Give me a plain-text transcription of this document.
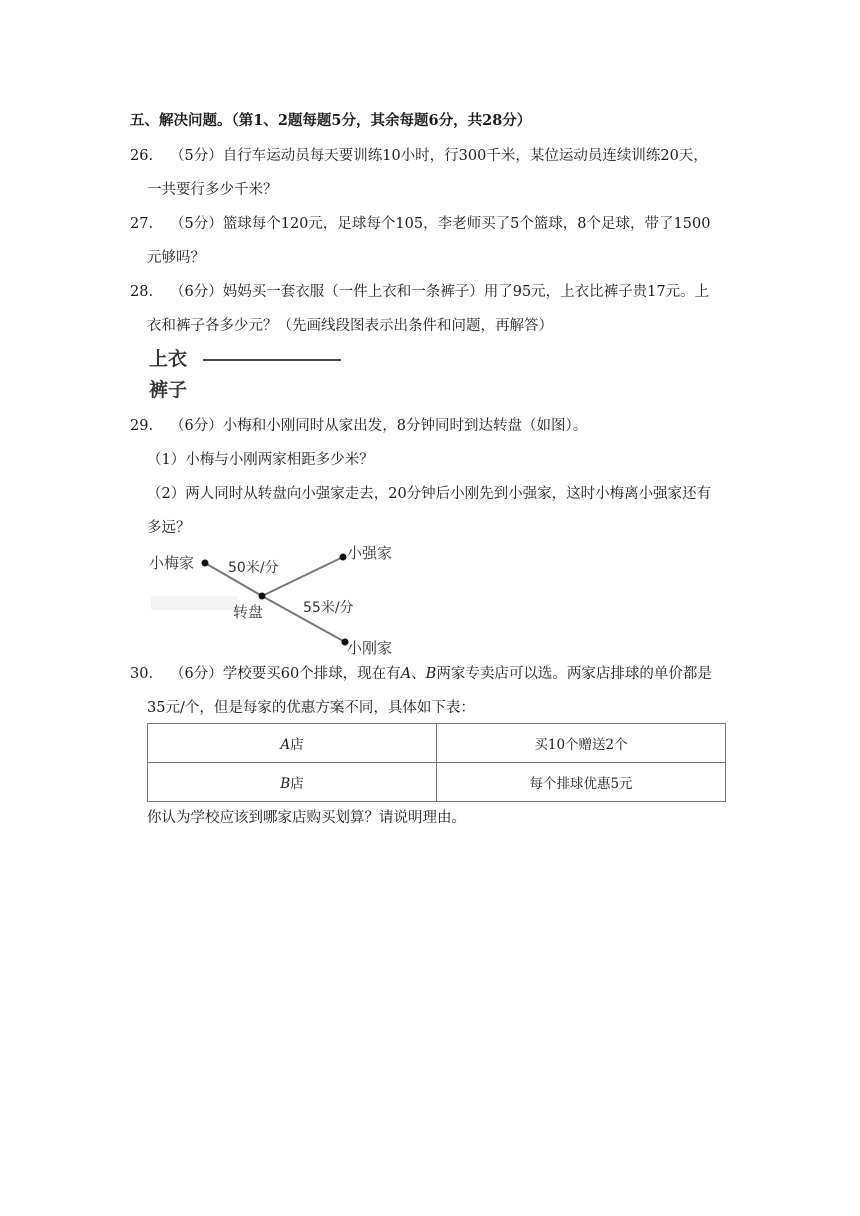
五、解决问题。（第1、2题每题5分，其余每题6分，共28分）
26. （5分）自行车运动员每天要训练10小时，行300千米，某位运动员连续训练20天，
一共要行多少千米？
27. （5分）篮球每个120元，足球每个105，李老师买了5个篮球，8个足球，带了1500
元够吗？
28. （6分）妈妈买一套衣服（一件上衣和一条裤子）用了95元，上衣比裤子贵17元。上
衣和裤子各多少元？（先画线段图表示出条件和问题，再解答）
上衣
裤子
29. （6分）小梅和小刚同时从家出发，8分钟同时到达转盘（如图）。
（1）小梅与小刚两家相距多少米？
（2）两人同时从转盘向小强家走去，20分钟后小刚先到小强家，这时小梅离小强家还有
多远？
小梅家 50米/分
小强家
转盘	55米/分
小刚家
30. （6分）学校要买60个排球，现在有A、B两家专卖店可以选。两家店排球的单价都是
35元/个，但是每家的优惠方案不同，具体如下表：
A店	买10个赠送2个
B店	每个排球优惠5元
你认为学校应该到哪家店购买划算？请说明理由。
